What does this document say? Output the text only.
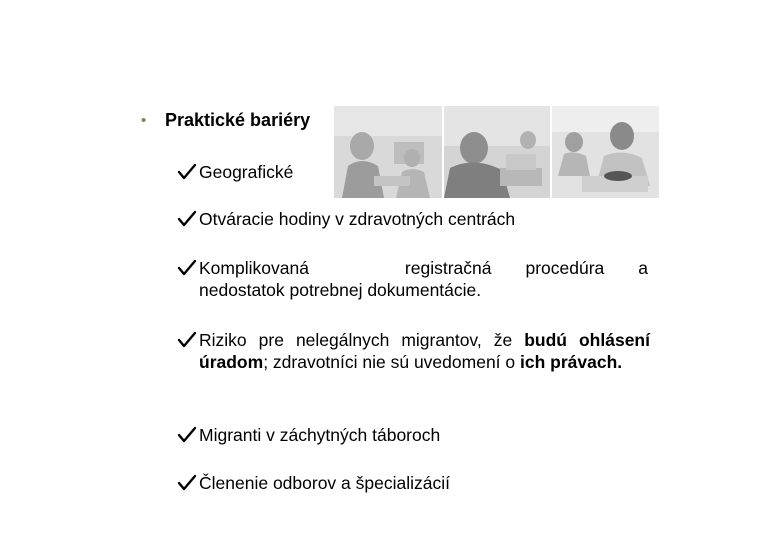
• Praktické bariéry
Geografické
Otváracie hodiny v zdravotných centrách
Komplikovaná	registračná procedúra a
nedostatok potrebnej dokumentácie.
Riziko pre nelegálnych migrantov, že budú ohlásení úradom; zdravotníci nie sú uvedomení o ich právach.
Migranti v záchytných táboroch
Členenie odborov a špecializácií
